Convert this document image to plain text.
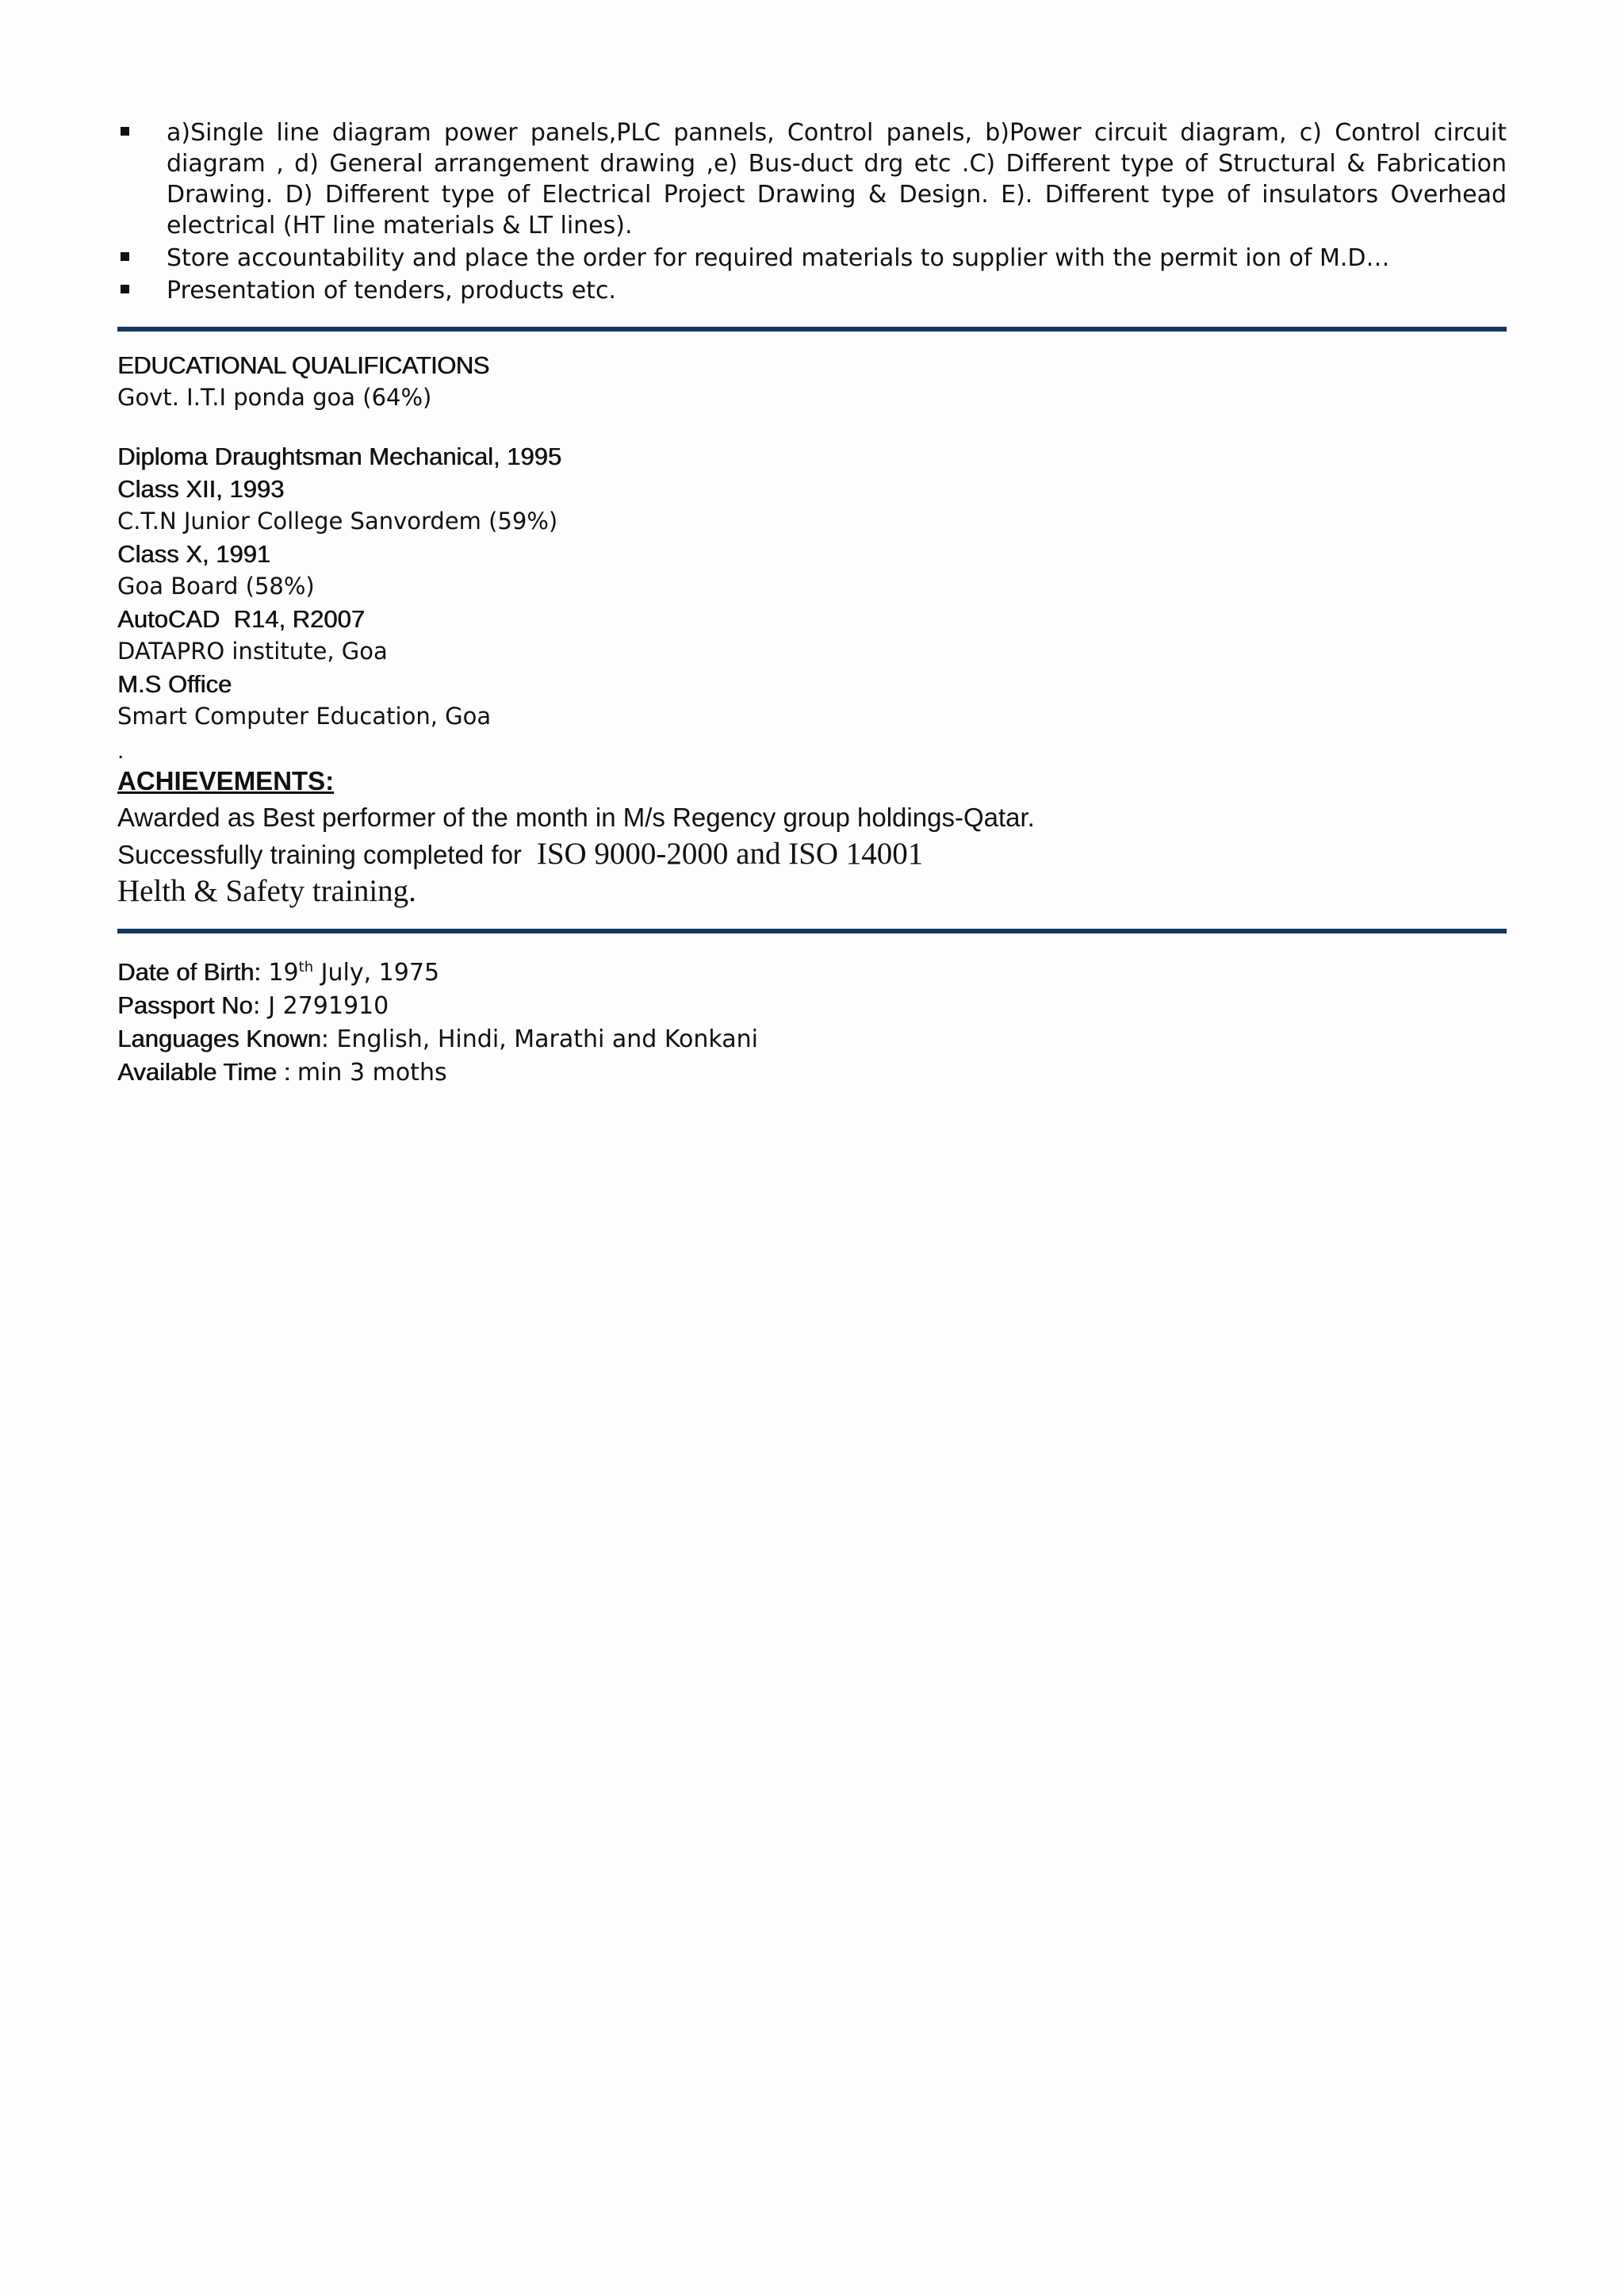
a)Single line diagram power panels,PLC pannels, Control panels, b)Power circuit diagram, c) Control circuit diagram , d) General arrangement drawing ,e) Bus-duct drg etc .C) Different type of Structural & Fabrication Drawing. D) Different type of Electrical Project Drawing & Design. E). Different type of insulators Overhead electrical (HT line materials & LT lines).
Store accountability and place the order for required materials to supplier with the permit ion of M.D…
Presentation of tenders, products etc.
EDUCATIONAL QUALIFICATIONS
Govt. I.T.I ponda goa (64%)
Diploma Draughtsman Mechanical, 1995
Class XII, 1993
C.T.N Junior College Sanvordem (59%)
Class X, 1991
Goa Board (58%)
AutoCAD  R14, R2007
DATAPRO institute, Goa
M.S Office
Smart Computer Education, Goa
.
ACHIEVEMENTS:
Awarded as Best performer of the month in M/s Regency group holdings-Qatar.
Successfully training completed for  ISO 9000-2000 and ISO 14001
Helth & Safety training.
Date of Birth: 19th July, 1975
Passport No: J 2791910
Languages Known: English, Hindi, Marathi and Konkani
Available Time : min 3 moths
